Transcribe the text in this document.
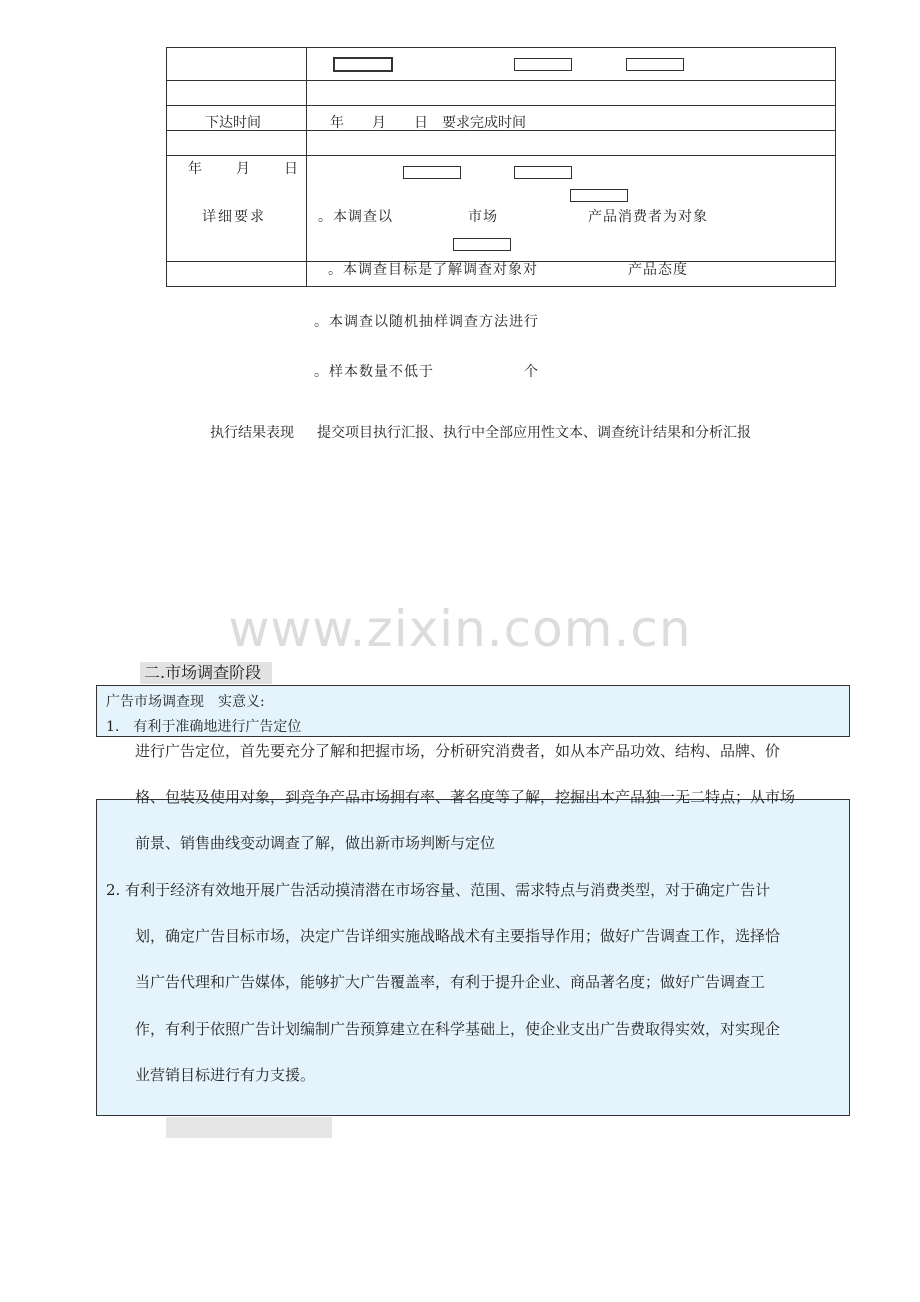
下达时间	年　　月　　日　要求完成时间
年　　月　　日
详细要求	。本调查以　　　　　市场　　　　　　产品消费者为对象
。本调查目标是了解调查对象对　　　　　　产品态度
。本调查以随机抽样调查方法进行
。样本数量不低于　　　　　　个
执行结果表现 提交项目执行汇报、执行中全部应用性文本、调查统计结果和分析汇报
www.zixin.com.cn
二.市场调查阶段
广告市场调查现　实意义:
1.　有利于准确地进行广告定位
进行广告定位，首先要充分了解和把握市场，分析研究消费者，如从本产品功效、结构、品牌、价
格、包装及使用对象，到竞争产品市场拥有率、著名度等了解，挖掘出本产品独一无二特点；从市场
前景、销售曲线变动调查了解，做出新市场判断与定位
2. 有利于经济有效地开展广告活动摸清潜在市场容量、范围、需求特点与消费类型，对于确定广告计
划，确定广告目标市场，决定广告详细实施战略战术有主要指导作用；做好广告调查工作，选择恰
当广告代理和广告媒体，能够扩大广告覆盖率，有利于提升企业、商品著名度；做好广告调查工
作，有利于依照广告计划编制广告预算建立在科学基础上，使企业支出广告费取得实效，对实现企
业营销目标进行有力支援。
